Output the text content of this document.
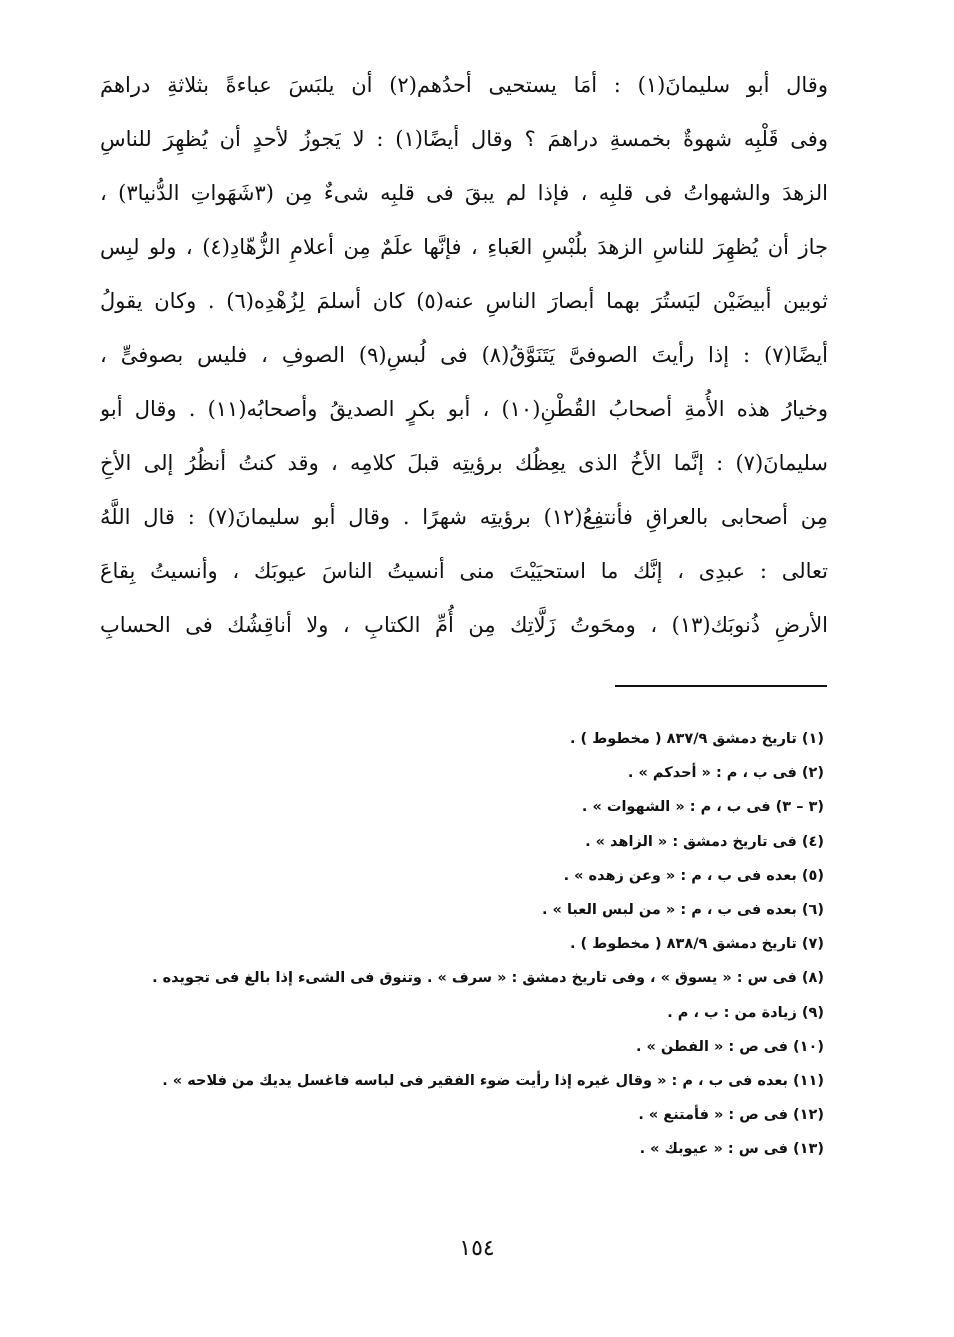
وقال أبو سليمانَ(١) : أمَا يستحيى أحدُهم(٢) أن يلبَسَ عباءةً بثلاثةِ دراهمَ
وفى قَلْبِه شهوةٌ بخمسةِ دراهمَ ؟ وقال أيضًا(١) : لا يَجوزُ لأحدٍ أن يُظهِرَ للناسِ
الزهدَ والشهواتُ فى قلبِه ، فإذا لم يبقَ فى قلبِه شىءٌ مِن (٣شَهَواتِ الدُّنيا٣) ،
جاز أن يُظهِرَ للناسِ الزهدَ بلُبْسِ العَباءِ ، فإنَّها علَمٌ مِن أعلامِ الزُّهّادِ(٤) ، ولو لبِس
ثوبين أبيضَيْن ليَستُرَ بهما أبصارَ الناسِ عنه(٥) كان أسلمَ لِزُهْدِه(٦) . وكان يقولُ
أيضًا(٧) : إذا رأيتَ الصوفىَّ يَتَنَوَّقُ(٨) فى لُبسِ(٩) الصوفِ ، فليس بصوفىٍّ ،
وخيارُ هذه الأُمةِ أصحابُ القُطْنِ(١٠) ، أبو بكرٍ الصديقُ وأصحابُه(١١) . وقال أبو
سليمانَ(٧) : إنَّما الأخُ الذى يعِظُك برؤيتِه قبلَ كلامِه ، وقد كنتُ أنظُرُ إلى الأخِ
مِن أصحابى بالعراقِ فأنتفِعُ(١٢) برؤيتِه شهرًا . وقال أبو سليمانَ(٧) : قال اللَّهُ
تعالى : عبدِى ، إنَّك ما استحيَيْتَ منى أنسيتُ الناسَ عيوبَك ، وأنسيتُ بِقاعَ
الأرضِ ذُنوبَك(١٣) ، ومحَوتُ زَلَّاتِك مِن أُمِّ الكتابِ ، ولا أناقِشُك فى الحسابِ
(١) تاريخ دمشق ٨٣٧/٩ ( مخطوط ) .
(٢) فى ب ، م : « أحدكم » .
(٣ – ٣) فى ب ، م : « الشهوات » .
(٤) فى تاريخ دمشق : « الزاهد » .
(٥) بعده فى ب ، م : « وعن زهده » .
(٦) بعده فى ب ، م : « من لبس العبا » .
(٧) تاريخ دمشق ٨٣٨/٩ ( مخطوط ) .
(٨) فى س : « يسوق » ، وفى تاريخ دمشق : « سرف » . وتنوق فى الشىء إذا بالغ فى تجويده .
(٩) زيادة من : ب ، م .
(١٠) فى ص : « الفطن » .
(١١) بعده فى ب ، م : « وقال غيره إذا رأيت ضوء الفقير فى لباسه فاغسل يديك من فلاحه » .
(١٢) فى ص : « فأمتنع » .
(١٣) فى س : « عيوبك » .
١٥٤
